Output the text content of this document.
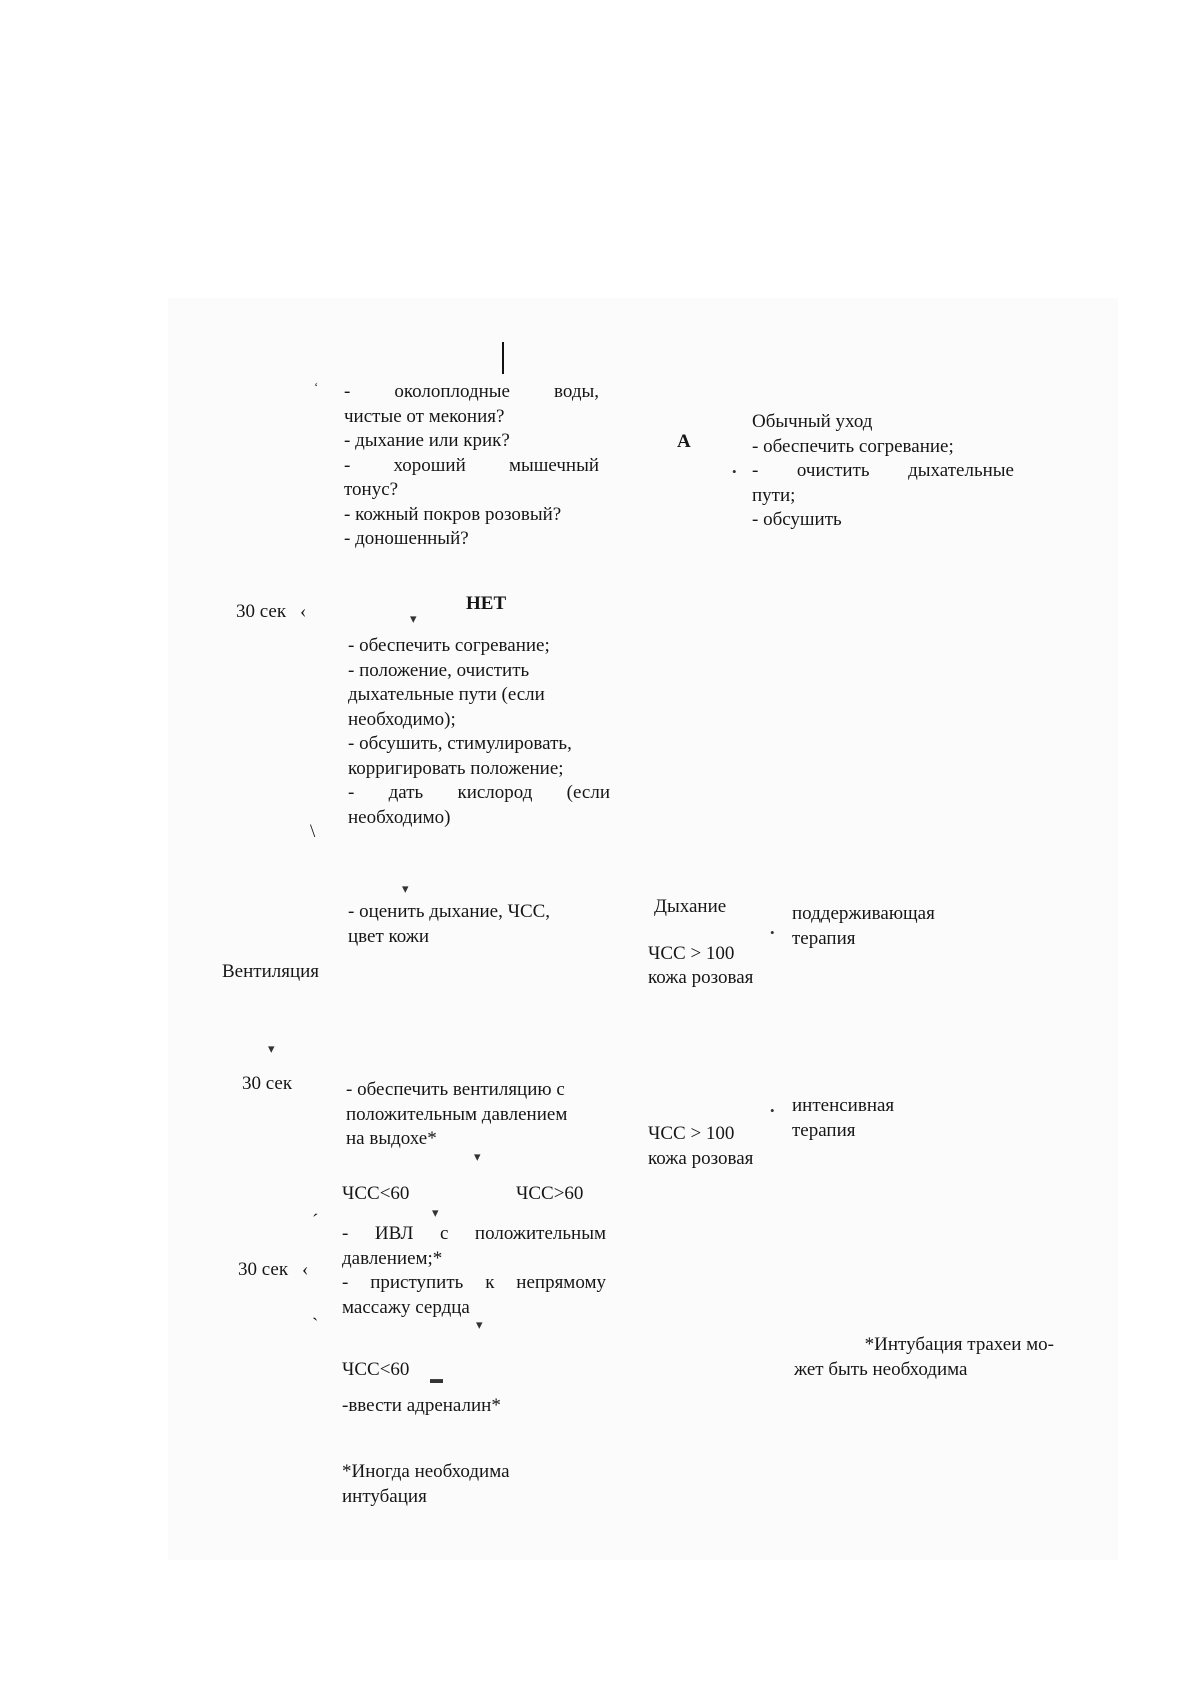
- околоплодные воды,
чистые от мекония?
- дыхание или крик?
- хороший мышечный
тонус?
- кожный покров розовый?
- доношенный?
ʻ
А
•
Обычный уход
- обеспечить согревание;
- очистить дыхательные
пути;
- обсушить
30 сек ‹	▾
НЕТ
- обеспечить согревание;
- положение, очистить
дыхательные пути (если
необходимо);
- обсушить, стимулировать,
корригировать положение;
- дать кислород (если
необходимо)
\
▾
- оценить дыхание, ЧСС,
цвет кожи
Дыхание
ЧСС > 100
кожа розовая
•
поддерживающая
терапия
Вентиляция
▾
30 сек	- обеспечить вентиляцию с
положительным давлением
на выдохе*
▾
ЧСС > 100
кожа розовая
• интенсивная
терапия
ЧСС<60	ЧСС>60
▾
ˊ
30 сек ‹
- ИВЛ с положительным
давлением;*
- приступить к непрямому
массажу сердца
ˋ	▾
*Интубация трахеи мо-
жет быть необходима
ЧСС<60 ▬
-ввести адреналин*
*Иногда необходима
интубация
